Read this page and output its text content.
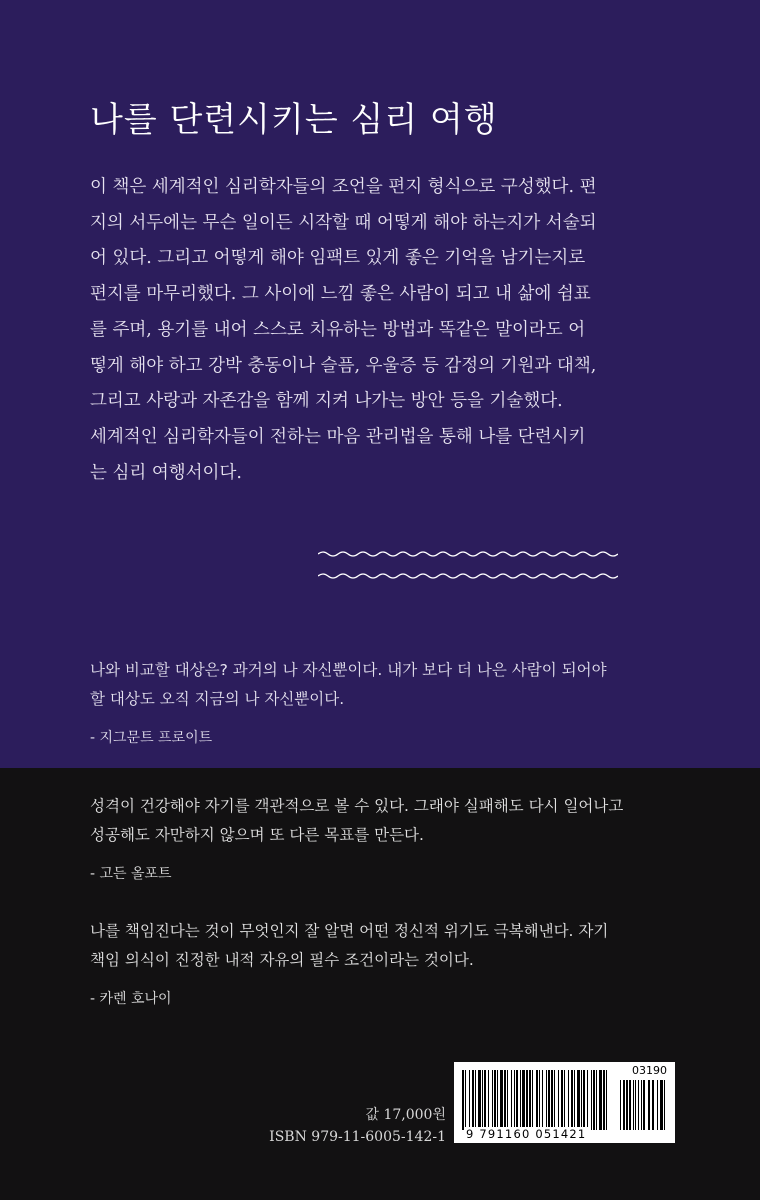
나를 단련시키는 심리 여행
이 책은 세계적인 심리학자들의 조언을 편지 형식으로 구성했다. 편
지의 서두에는 무슨 일이든 시작할 때 어떻게 해야 하는지가 서술되
어 있다. 그리고 어떻게 해야 임팩트 있게 좋은 기억을 남기는지로
편지를 마무리했다. 그 사이에 느낌 좋은 사람이 되고 내 삶에 쉼표
를 주며, 용기를 내어 스스로 치유하는 방법과 똑같은 말이라도 어
떻게 해야 하고 강박 충동이나 슬픔, 우울증 등 감정의 기원과 대책,
그리고 사랑과 자존감을 함께 지켜 나가는 방안 등을 기술했다.
세계적인 심리학자들이 전하는 마음 관리법을 통해 나를 단련시키
는 심리 여행서이다.
나와 비교할 대상은? 과거의 나 자신뿐이다. 내가 보다 더 나은 사람이 되어야
할 대상도 오직 지금의 나 자신뿐이다.
- 지그문트 프로이트
성격이 건강해야 자기를 객관적으로 볼 수 있다. 그래야 실패해도 다시 일어나고
성공해도 자만하지 않으며 또 다른 목표를 만든다.
- 고든 올포트
나를 책임진다는 것이 무엇인지 잘 알면 어떤 정신적 위기도 극복해낸다. 자기
책임 의식이 진정한 내적 자유의 필수 조건이라는 것이다.
- 카렌 호나이
값 17,000원
ISBN 979-11-6005-142-1
03190
9 791160 051421
